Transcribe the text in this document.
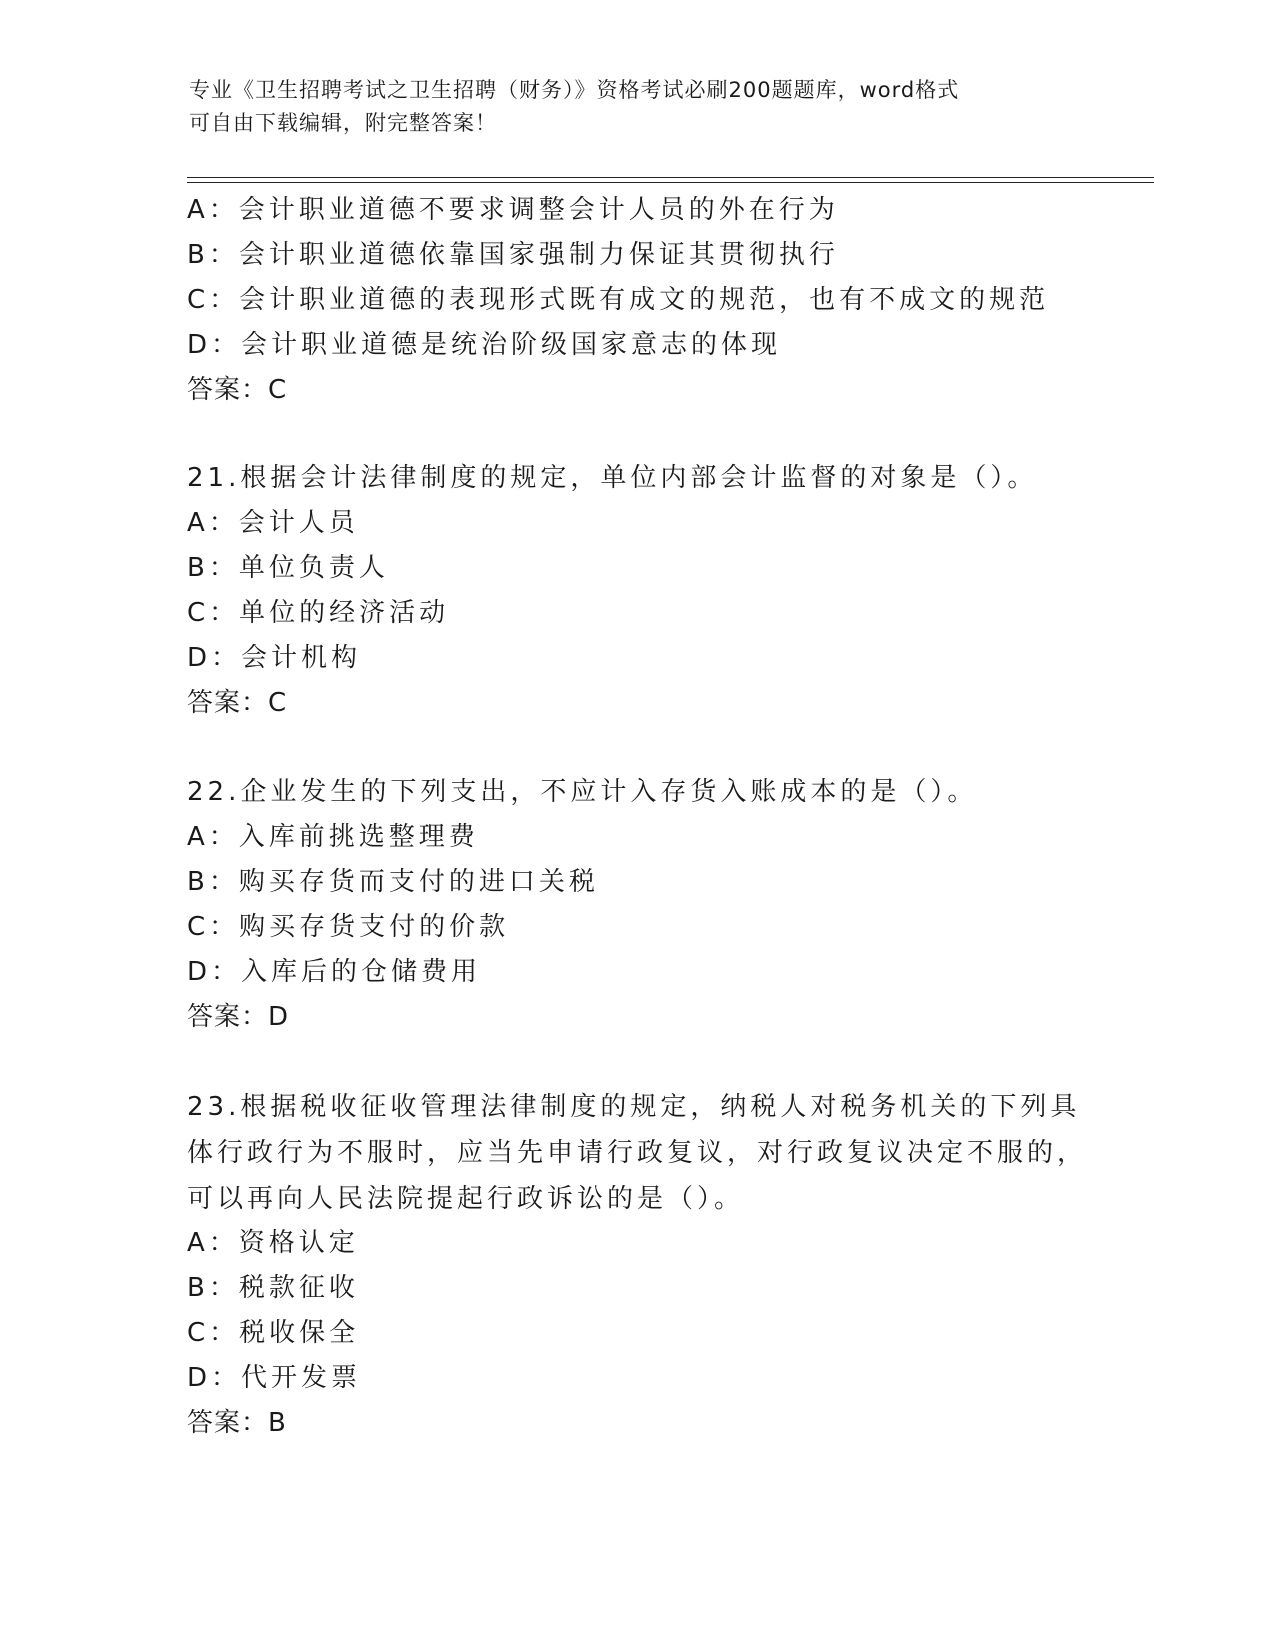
专业《卫生招聘考试之卫生招聘（财务）》资格考试必刷200题题库，word格式
可自由下载编辑，附完整答案！
A：会计职业道德不要求调整会计人员的外在行为
B：会计职业道德依靠国家强制力保证其贯彻执行
C：会计职业道德的表现形式既有成文的规范，也有不成文的规范
D：会计职业道德是统治阶级国家意志的体现
答案：C
21.根据会计法律制度的规定，单位内部会计监督的对象是（）。
A：会计人员
B：单位负责人
C：单位的经济活动
D：会计机构
答案：C
22.企业发生的下列支出，不应计入存货入账成本的是（）。
A：入库前挑选整理费
B：购买存货而支付的进口关税
C：购买存货支付的价款
D：入库后的仓储费用
答案：D
23.根据税收征收管理法律制度的规定，纳税人对税务机关的下列具体行政行为不服时，应当先申请行政复议，对行政复议决定不服的，可以再向人民法院提起行政诉讼的是（）。
A：资格认定
B：税款征收
C：税收保全
D：代开发票
答案：B
